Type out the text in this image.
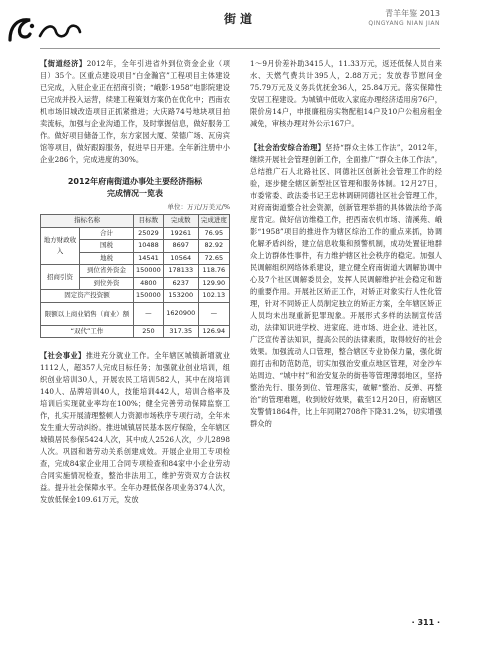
街道	青羊年鉴 2013
QINGYANG NIAN JIAN

【街道经济】2012年，全年引进省外到位资金企业（项目）35个。区重点建设项目“白金瀚宫”工程项目主体建设已完成，入驻企业正在招商引资；“峨影·1958”电影院建设已完成并投入运营，续建工程策划方案仍在优化中；西南农机市场旧城改造项目正抓紧推进；大庆路74号地块项目拍卖流标，加强与企业沟通工作，及时掌握信息，做好服务工作。做好项目储备工作，东方家园大厦、荣德广场、瓦房宾馆等项目，做好跟踪服务，促进早日开建。全年新注册中小企业286个，完成进度的30%。

2012年府南街道办事处主要经济指标
完成情况一览表
单位：万元/万美元/%
指标名称		目标数	完成数	完成进度
地方财政收入	合计	25029	19261	76.95
	国税	10488	8697	82.92
	地税	14541	10564	72.65
招商引资	到位省外资金	150000	178133	118.76
	到位外资	4800	6237	129.90
固定资产投资额		150000	153200	102.13
限额以上商业销售（商业）额		—	1620900	—
“双代”工作		250	317.35	126.94

【社会事业】推进充分就业工作。全年辖区城镇新增就业1112人，超357人完成目标任务；加强就业创业培训，组织创业培训30人，开展农民工培训582人，其中在岗培训140人、品牌培训40人，技能培训442人，培训合格率及培训后实现就业率均在100%；健全完善劳动保障监察工作，扎实开展清理整顿人力资源市场秩序专项行动，全年未发生重大劳动纠纷。推进城镇居民基本医疗保险，全年辖区城镇居民参保5424人次，其中成人2526人次，少儿2898人次。巩固和谐劳动关系创建成效。开展企业用工专项检查，完成84家企业用工合同专项检查和84家中小企业劳动合同实施情况检查，整治非法用工，维护劳资双方合法权益。提升社会保障水平。全年办理低保各项业务374人次，发放低保金109.61万元，发放

1～9月价差补助3415人，11.33万元，返还低保人员自来水、天燃气费共计395人，2.88万元；发放春节慰问金75.79万元及义务兵优抚金36人，25.84万元。落实保障性安居工程建设。为城镇中低收入家庭办理经济适用房76户，限价房14户，申报廉租房实物配租14户及10户公租房租金减免，审核办理对外公示167户。

【社会治安综合治理】坚持“群众主体工作法”，2012年，继续开展社会管理创新工作，全面推广“群众主体工作法”，总结推广石人北路社区、同德社区创新社会管理工作的经验，逐步健全辖区新型社区管理和服务体制。12月27日，市委常委、政法委书记王忠林调研同德社区社会管理工作，对府南街道整合社会资源，创新管理举措的具体做法给予高度肯定。做好信访维稳工作，把西南农机市场、清溪苑、峨影“1958”项目的推进作为辖区综治工作的重点来抓，协调化解矛盾纠纷，建立信息收集和预警机制，成功处置征地群众上访群体性事件，有力维护辖区社会秩序的稳定。加强人民调解组织网络体系建设，建立健全府南街道大调解协调中心及7个社区调解委员会，发挥人民调解维护社会稳定和谐的重要作用。开展社区矫正工作，对矫正对象实行人性化管理，针对不同矫正人员制定独立的矫正方案，全年辖区矫正人员均未出现重新犯罪现象。开展形式多样的法制宣传活动，法律知识进学校、进家庭、进市场、进企业、进社区，广泛宣传普法知识，提高公民的法律素质，取得较好的社会效果。加强流动人口管理，整合辖区专业协保力量，强化街面打击和防范防范，切实加强治安重点地区管理，对金沙车站周边、“城中村”和治安复杂的街巷等管理薄弱地区，坚持整治先行、服务到位、管理落实，破解“整治、反弹、再整治”的管理难题，收到较好效果，截至12月20日，府南辖区发警情1864件，比上年同期2708件下降31.2%，切实增强群众的

· 311 ·
